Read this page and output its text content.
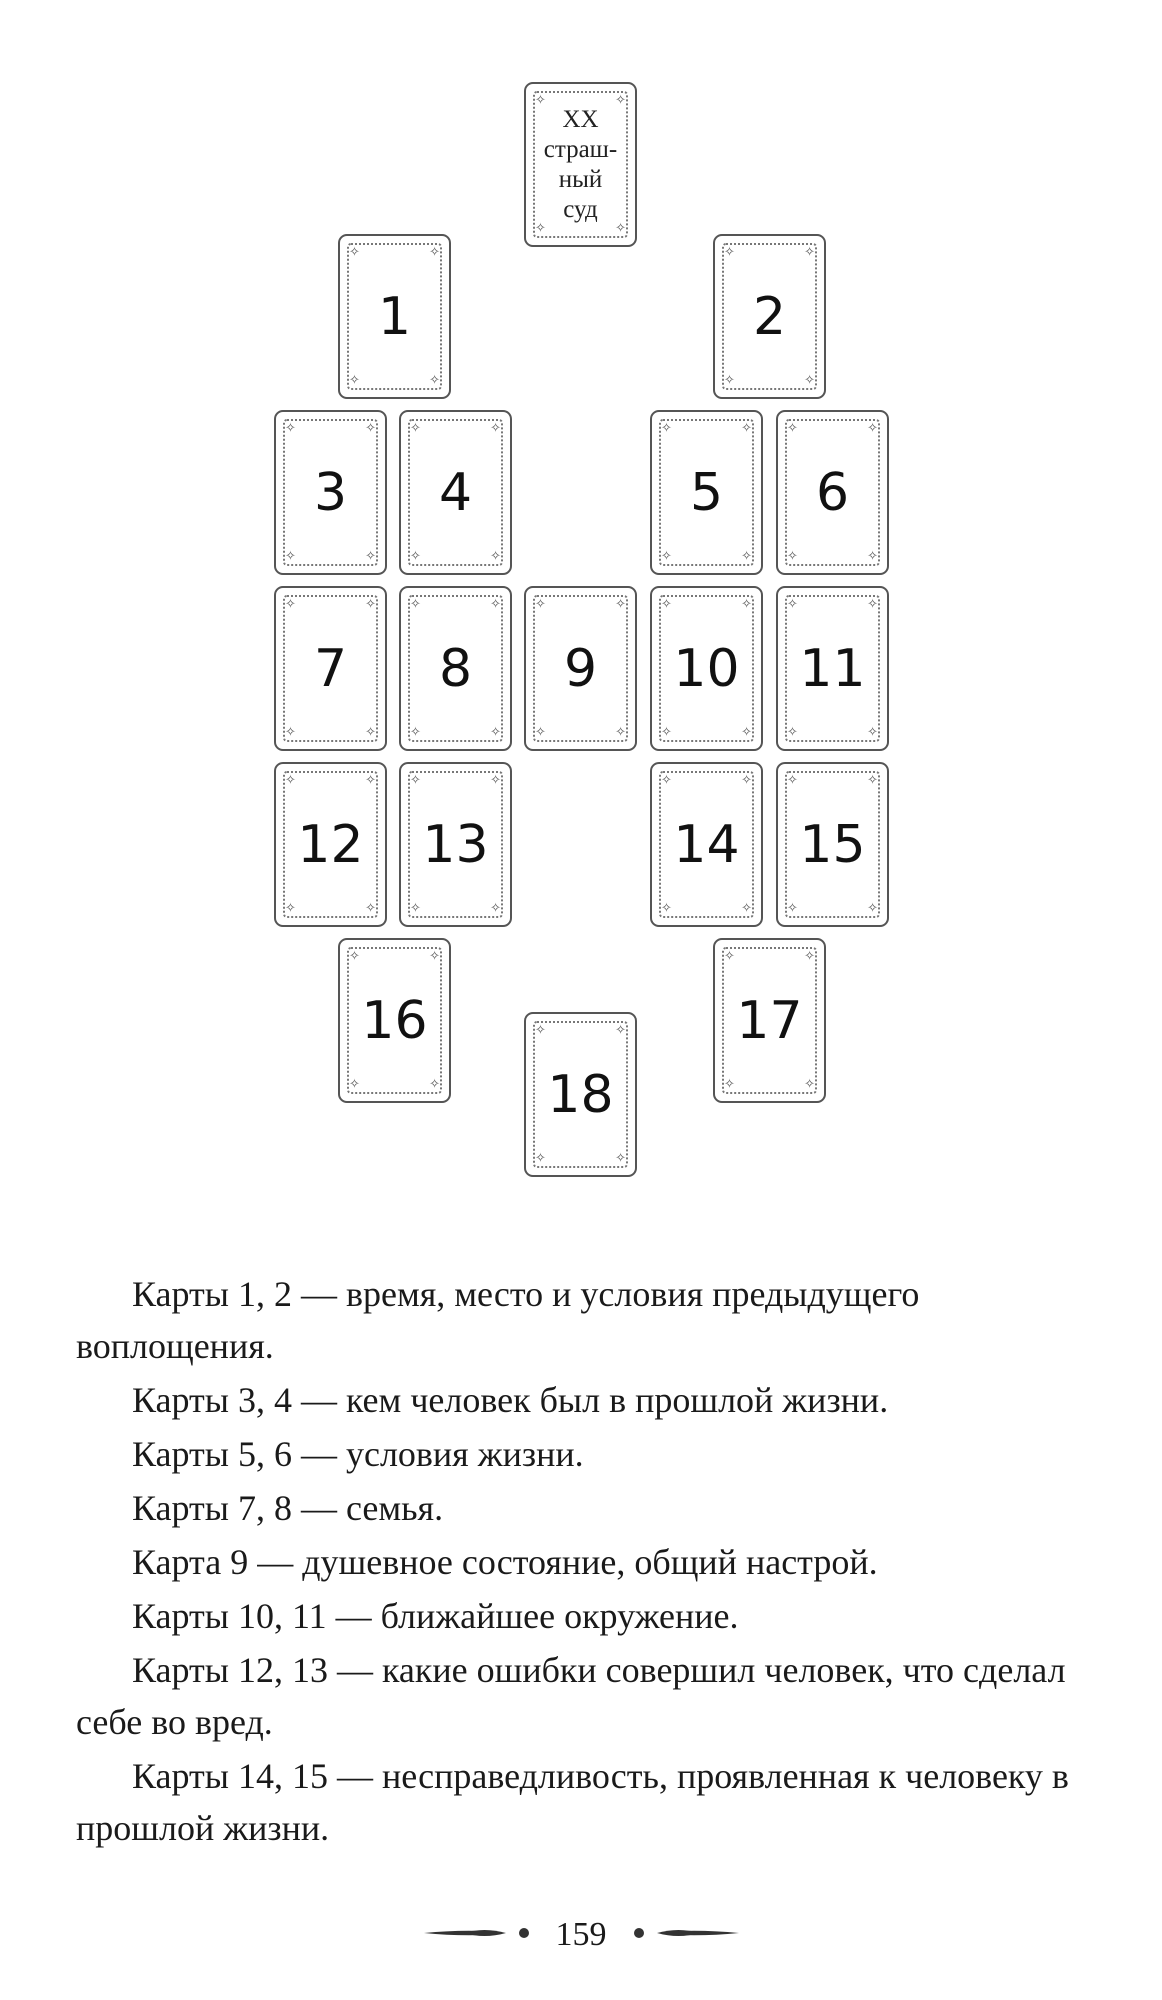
✧	✧
✧	✧
XX
страш-
ный
суд
✧	✧
✧	✧
1
✧	✧
✧	✧
2
✧	✧
✧	✧
3
✧	✧
✧	✧
4
✧	✧
✧	✧
5
✧	✧
✧	✧
6
✧	✧
✧	✧
7
✧	✧
✧	✧
8
✧	✧
✧	✧
9
✧	✧
✧	✧
10
✧	✧
✧	✧
11
✧	✧
✧	✧
12
✧	✧
✧	✧
13
✧	✧
✧	✧
14
✧	✧
✧	✧
15
✧	✧
✧	✧
16
✧	✧
✧	✧
17
✧	✧
✧	✧
18

Карты 1, 2 — время, место и условия предыдущего воплощения.

Карты 3, 4 — кем человек был в прошлой жизни.

Карты 5, 6 — условия жизни.

Карты 7, 8 — семья.

Карта 9 — душевное состояние, общий настрой.

Карты 10, 11 — ближайшее окружение.

Карты 12, 13 — какие ошибки совершил человек, что сделал себе во вред.

Карты 14, 15 — несправедливость, проявленная к человеку в прошлой жизни.

159
